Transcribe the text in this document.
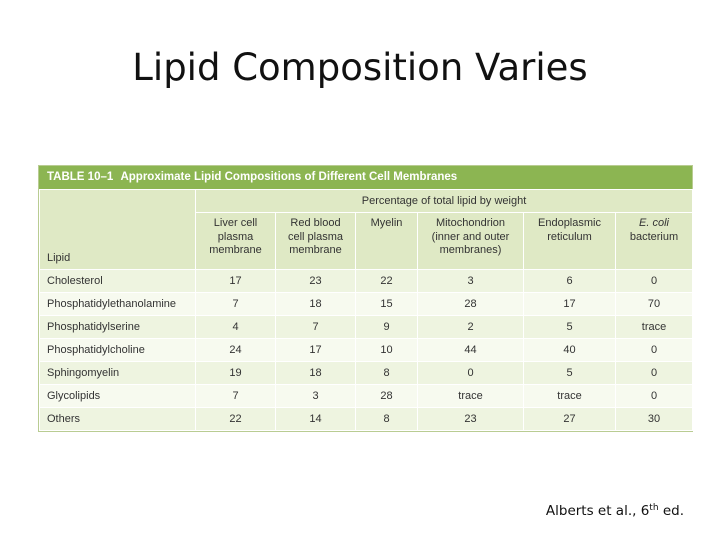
Lipid Composition Varies
TABLE 10–1 Approximate Lipid Compositions of Different Cell Membranes
Lipid	Percentage of total lipid by weight					
	Liver cell
plasma
membrane	Red blood
cell plasma
membrane	Myelin	Mitochondrion
(inner and outer
membranes)	Endoplasmic
reticulum	E. coli
bacterium
Cholesterol	17	23	22	3	6	0
Phosphatidylethanolamine	7	18	15	28	17	70
Phosphatidylserine	4	7	9	2	5	trace
Phosphatidylcholine	24	17	10	44	40	0
Sphingomyelin	19	18	8	0	5	0
Glycolipids	7	3	28	trace	trace	0
Others	22	14	8	23	27	30
Alberts et al., 6th ed.
